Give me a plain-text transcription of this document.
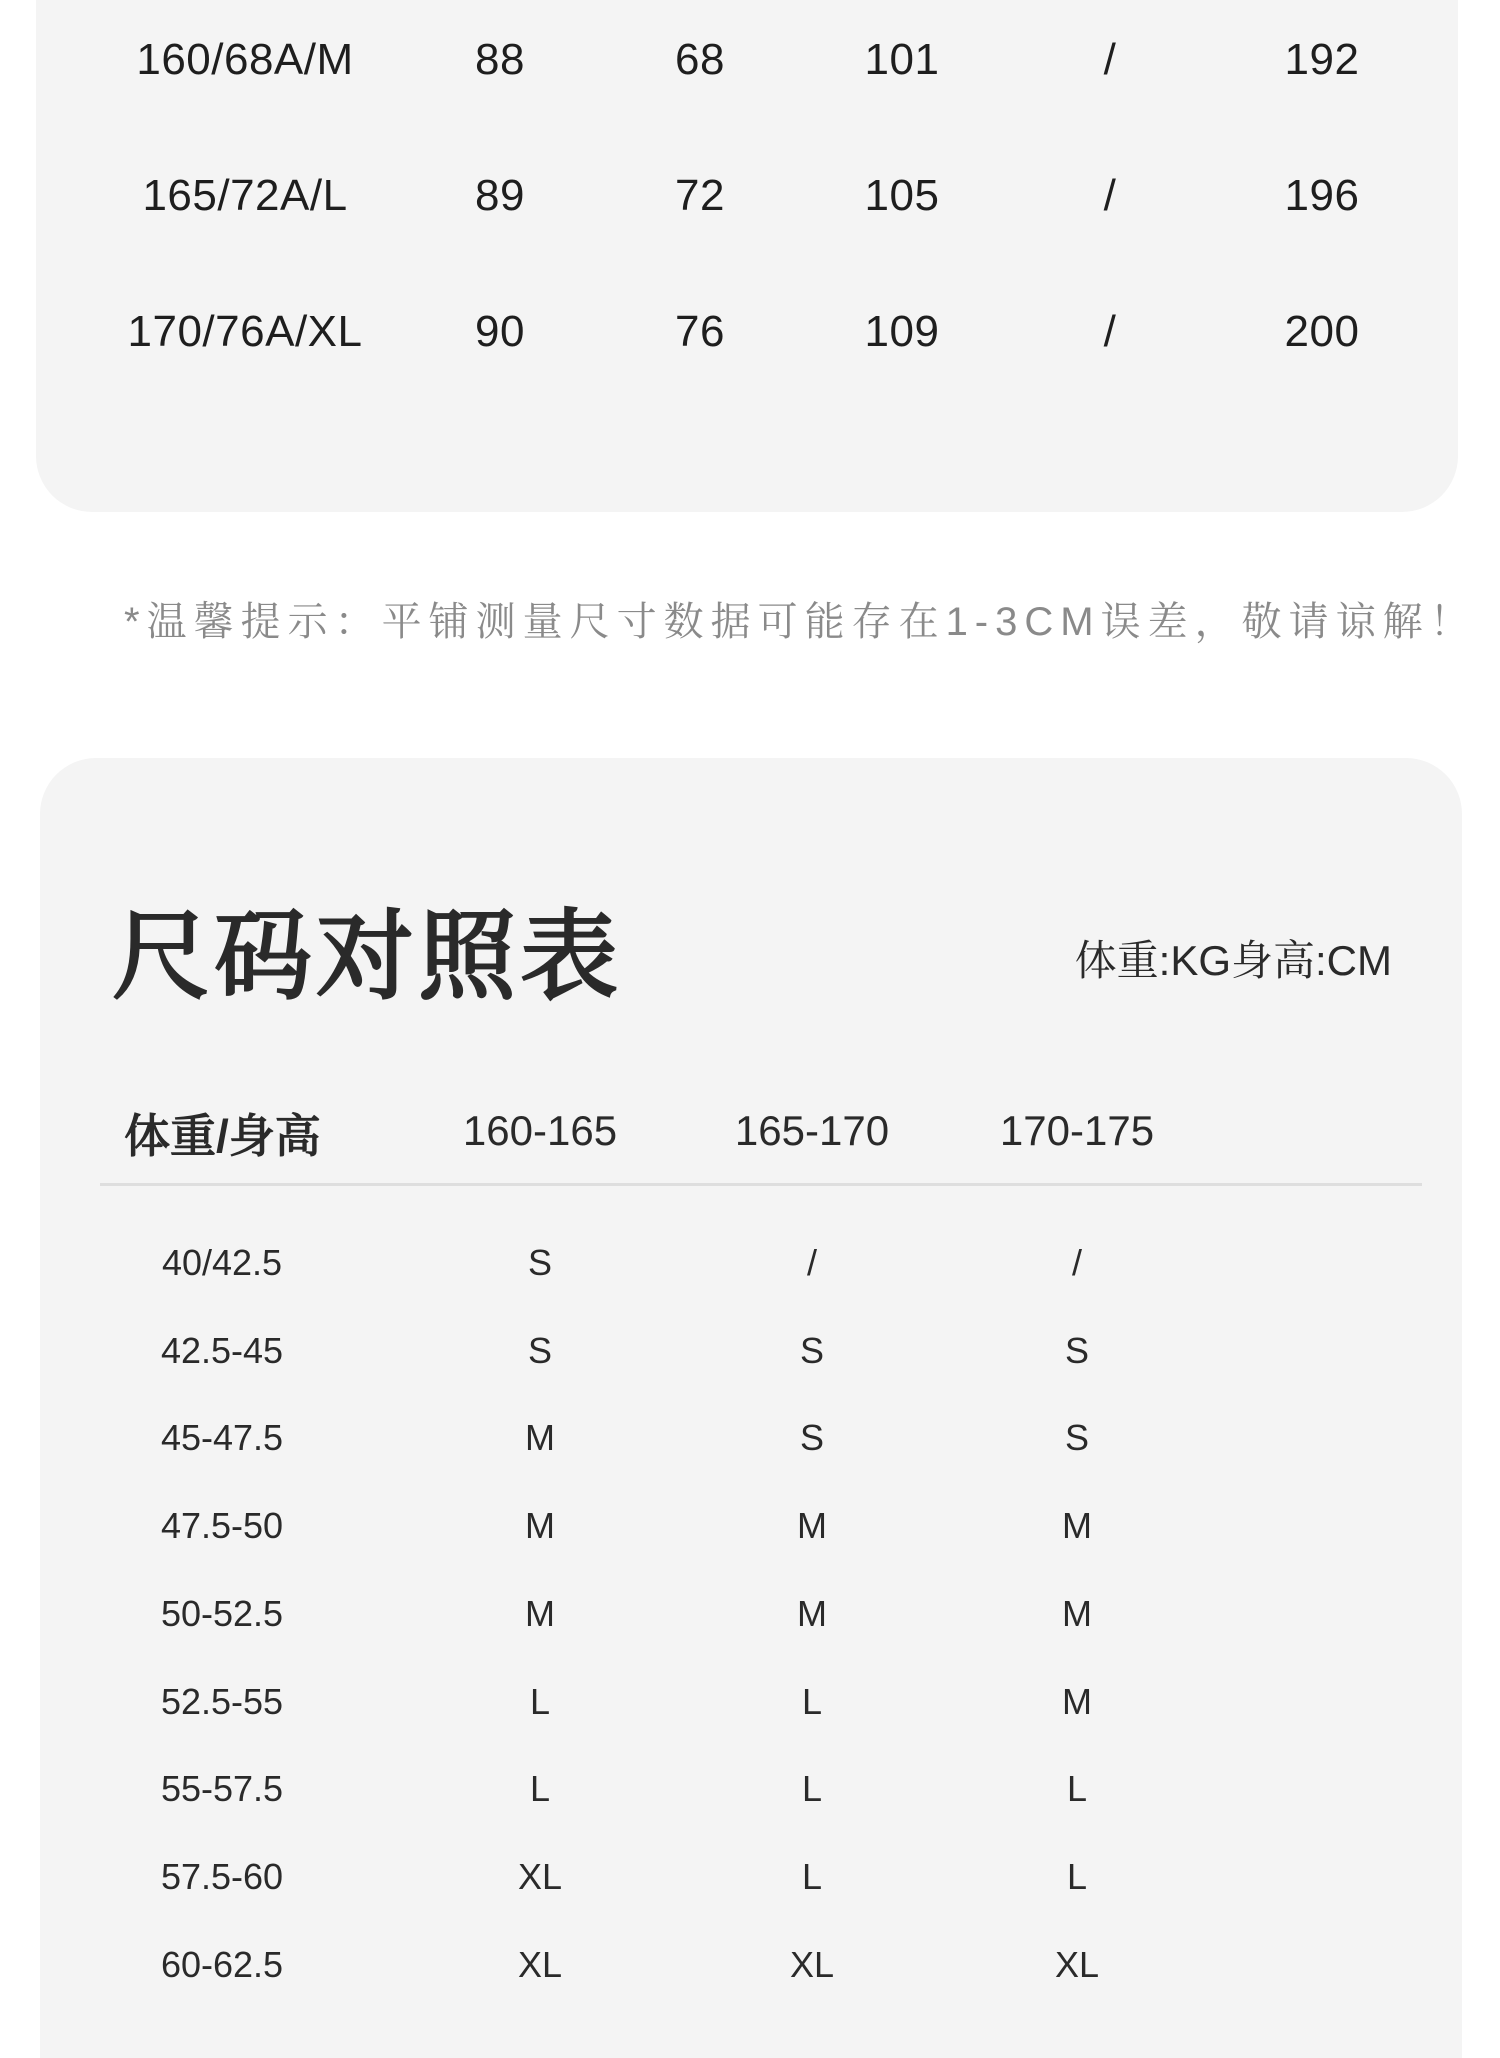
160/68A/M	88	68	101	/	192
165/72A/L	89	72	105	/	196
170/76A/XL	90	76	109	/	200
*温馨提示：平铺测量尺寸数据可能存在1-3CM误差，敬请谅解！
尺码对照表	体重:KG身高:CM
体重/身高	160-165	165-170	170-175
40/42.5	S	/	/
42.5-45	S	S	S
45-47.5	M	S	S
47.5-50	M	M	M
50-52.5	M	M	M
52.5-55	L	L	M
55-57.5	L	L	L
57.5-60	XL	L	L
60-62.5	XL	XL	XL
